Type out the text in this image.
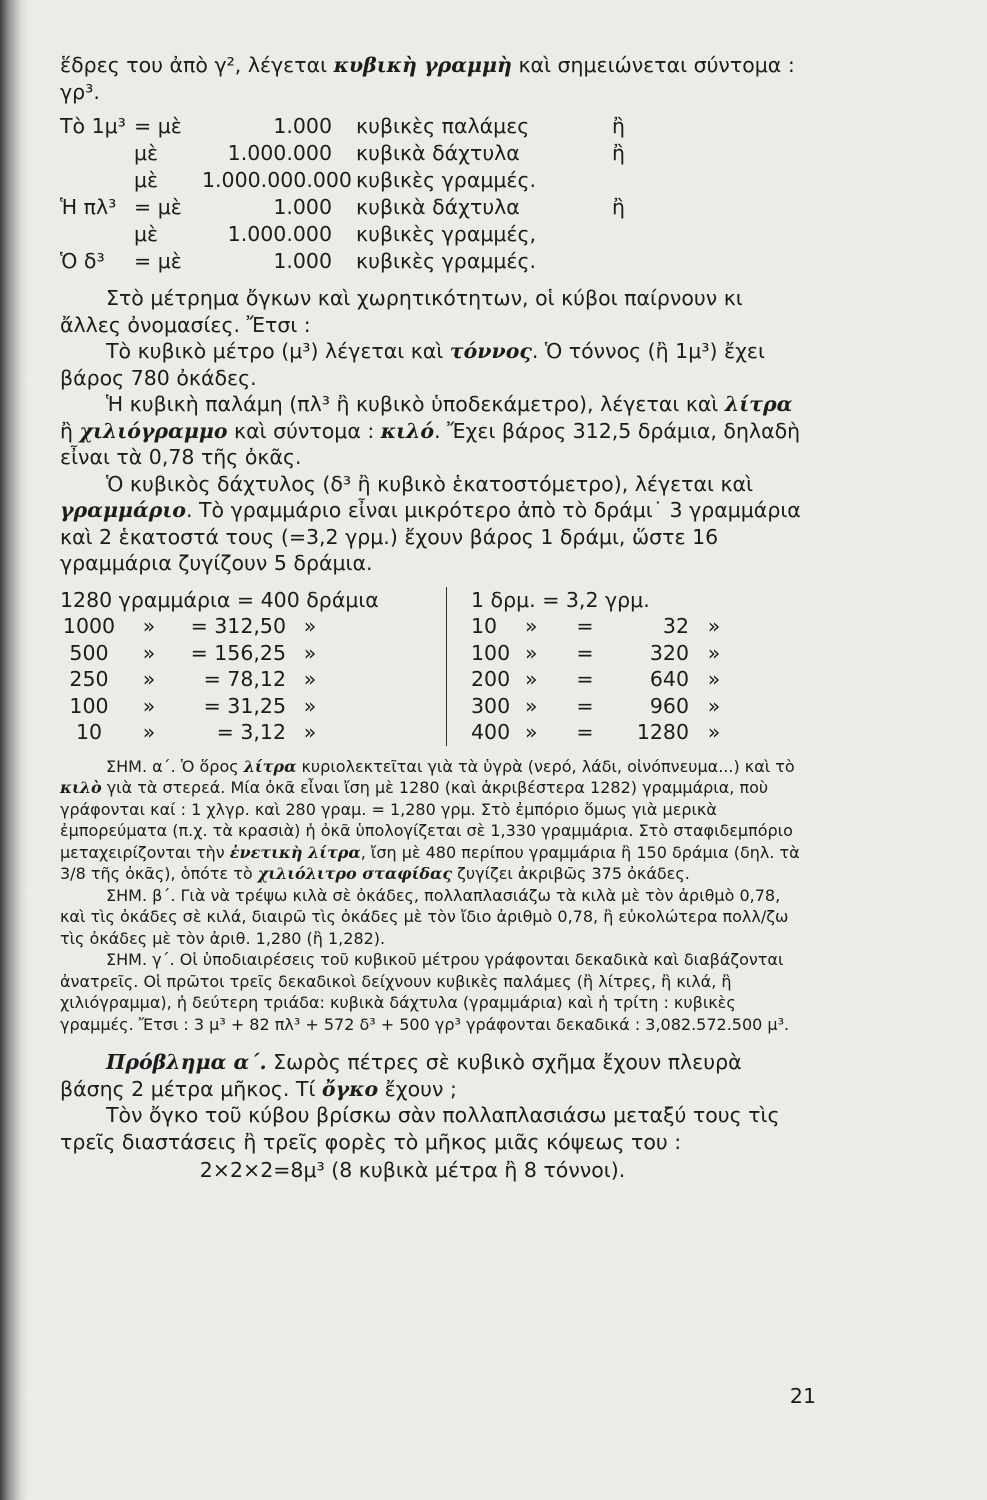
ἕδρες του ἀπὸ γ², λέγεται κυβικὴ γραμμὴ καὶ σημειώνεται σύντομα : γρ³.

Τὸ 1μ³ = μὲ	1.000	κυβικὲς παλάμες	ἢ
μὲ	1.000.000	κυβικὰ δάχτυλα	ἢ
μὲ	1.000.000.000 κυβικὲς γραμμές.
Ἡ πλ³ = μὲ	1.000	κυβικὰ δάχτυλα	ἢ
μὲ	1.000.000	κυβικὲς γραμμές,
Ὁ δ³	= μὲ	1.000	κυβικὲς γραμμές.

Στὸ μέτρημα ὄγκων καὶ χωρητικότητων, οἱ κύβοι παίρνουν κι ἄλλες ὀνομασίες. Ἔτσι :

Τὸ κυβικὸ μέτρο (μ³) λέγεται καὶ τόννος. Ὁ τόννος (ἢ 1μ³) ἔχει βάρος 780 ὀκάδες.

Ἡ κυβικὴ παλάμη (πλ³ ἢ κυβικὸ ὑποδεκάμετρο), λέγεται καὶ λίτρα ἢ χιλιόγραμμο καὶ σύντομα : κιλό. Ἔχει βάρος 312,5 δράμια, δηλαδὴ εἶναι τὰ 0,78 τῆς ὀκᾶς.

Ὁ κυβικὸς δάχτυλος (δ³ ἢ κυβικὸ ἑκατοστόμετρο), λέγεται καὶ γραμμάριο. Τὸ γραμμάριο εἶναι μικρότερο ἀπὸ τὸ δράμι˙ 3 γραμμάρια καὶ 2 ἑκατοστά τους (=3,2 γρμ.) ἔχουν βάρος 1 δράμι, ὥστε 16 γραμμάρια ζυγίζουν 5 δράμια.

1280 γραμμάρια = 400 δράμια
1000	»	= 312,50 »
500	»	= 156,25 »
250	»	= 78,12 »
100	»	= 31,25 »
10	»	= 3,12 »
1 δρμ. = 3,2 γρμ.
10	»	=	32 »
100 »	=	320 »
200 »	=	640 »
300 »	=	960 »
400 »	=	1280 »

ΣΗΜ. α΄. Ὁ ὅρος λίτρα κυριολεκτεῖται γιὰ τὰ ὑγρὰ (νερό, λάδι, οἰνόπνευμα...) καὶ τὸ κιλὸ γιὰ τὰ στερεά. Μία ὀκᾶ εἶναι ἴση μὲ 1280 (καὶ ἀκριβέστερα 1282) γραμμάρια, ποὺ γράφονται καί : 1 χλγρ. καὶ 280 γραμ. = 1,280 γρμ. Στὸ ἐμπόριο ὅμως γιὰ μερικὰ ἐμπορεύματα (π.χ. τὰ κρασιὰ) ἡ ὀκᾶ ὑπολογίζεται σὲ 1,330 γραμμάρια. Στὸ σταφιδεμπόριο μεταχειρίζονται τὴν ἐνετικὴ λίτρα, ἴση μὲ 480 περίπου γραμμάρια ἢ 150 δράμια (δηλ. τὰ 3/8 τῆς ὀκᾶς), ὁπότε τὸ χιλιόλιτρο σταφίδας ζυγίζει ἀκριβῶς 375 ὀκάδες.

ΣΗΜ. β΄. Γιὰ νὰ τρέψω κιλὰ σὲ ὀκάδες, πολλαπλασιάζω τὰ κιλὰ μὲ τὸν ἀριθμὸ 0,78, καὶ τὶς ὀκάδες σὲ κιλά, διαιρῶ τὶς ὀκάδες μὲ τὸν ἴδιο ἀριθμὸ 0,78, ἢ εὐκολώτερα πολλ/ζω τὶς ὀκάδες μὲ τὸν ἀριθ. 1,280 (ἢ 1,282).

ΣΗΜ. γ΄. Οἱ ὑποδιαιρέσεις τοῦ κυβικοῦ μέτρου γράφονται δεκαδικὰ καὶ διαβάζονται ἀνατρεῖς. Οἱ πρῶτοι τρεῖς δεκαδικοὶ δείχνουν κυβικὲς παλάμες (ἢ λίτρες, ἢ κιλά, ἢ χιλιόγραμμα), ἡ δεύτερη τριάδα: κυβικὰ δάχτυλα (γραμμάρια) καὶ ἡ τρίτη : κυβικὲς γραμμές. Ἔτσι : 3 μ³ + 82 πλ³ + 572 δ³ + 500 γρ³ γράφονται δεκαδικά : 3,082.572.500 μ³.

Πρόβλημα α΄. Σωρὸς πέτρες σὲ κυβικὸ σχῆμα ἔχουν πλευρὰ βάσης 2 μέτρα μῆκος. Τί ὄγκο ἔχουν ;

Τὸν ὄγκο τοῦ κύβου βρίσκω σὰν πολλαπλασιάσω μεταξύ τους τὶς τρεῖς διαστάσεις ἢ τρεῖς φορὲς τὸ μῆκος μιᾶς κόψεως του :

2×2×2=8μ³ (8 κυβικὰ μέτρα ἢ 8 τόννοι).

21
